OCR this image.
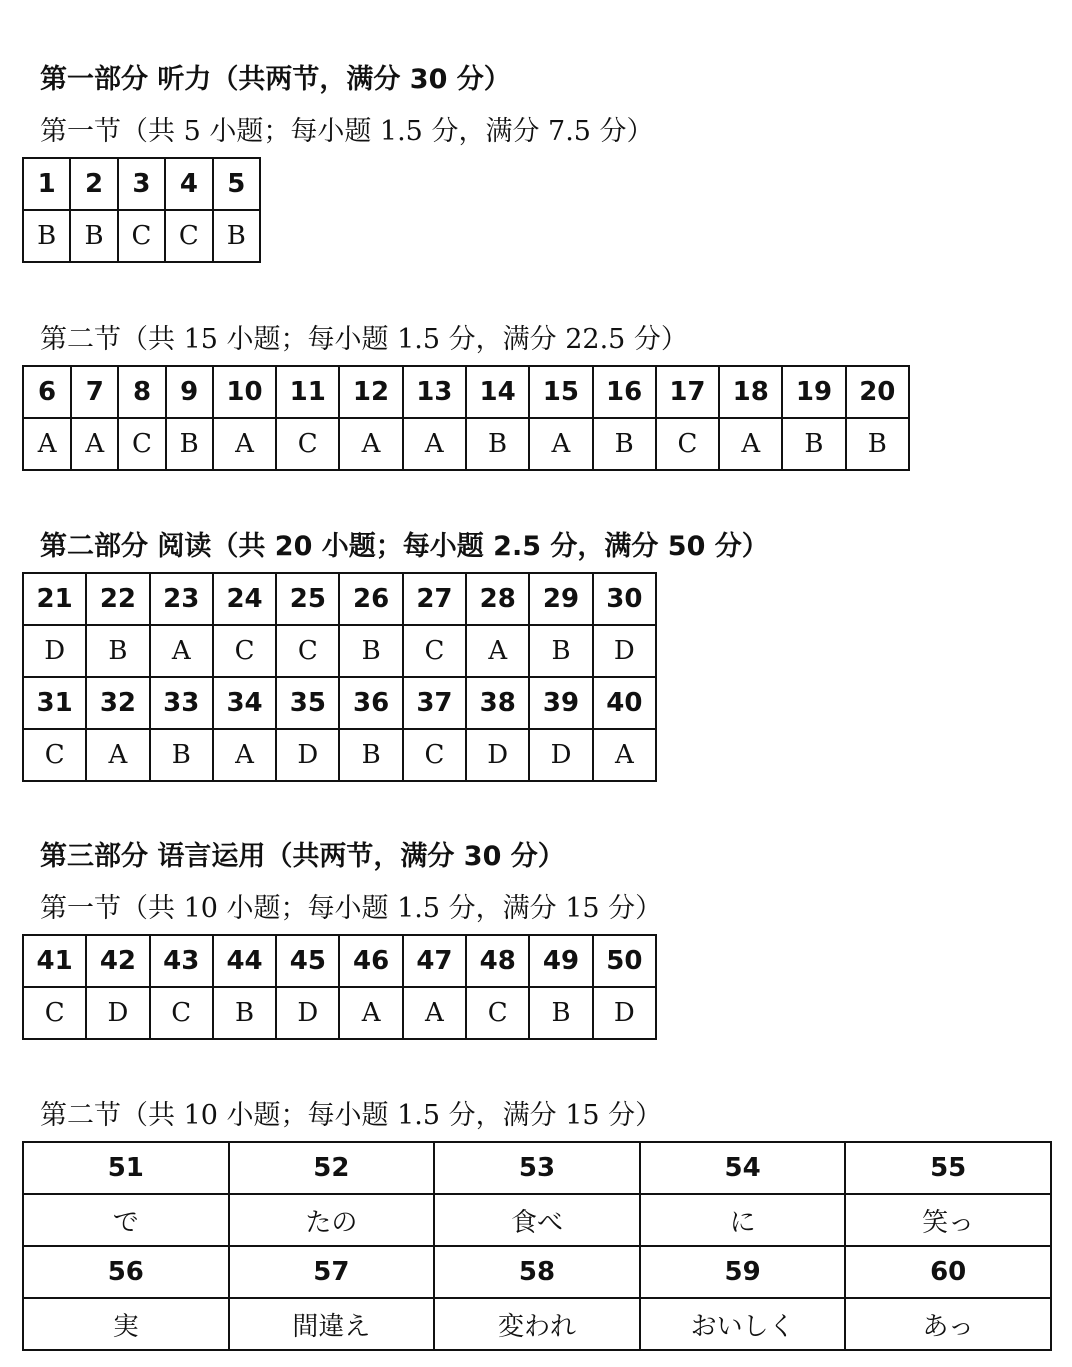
第一部分 听力（共两节，满分 30 分）
第一节（共 5 小题；每小题 1.5 分，满分 7.5 分）
1	2	3	4	5
B	B	C	C	B
第二节（共 15 小题；每小题 1.5 分，满分 22.5 分）
6	7	8	9	10	11	12	13	14	15	16	17	18	19	20
A	A	C	B	A	C	A	A	B	A	B	C	A	B	B
第二部分 阅读（共 20 小题；每小题 2.5 分，满分 50 分）
21	22	23	24	25	26	27	28	29	30
D	B	A	C	C	B	C	A	B	D
31	32	33	34	35	36	37	38	39	40
C	A	B	A	D	B	C	D	D	A
第三部分 语言运用（共两节，满分 30 分）
第一节（共 10 小题；每小题 1.5 分，满分 15 分）
41	42	43	44	45	46	47	48	49	50
C	D	C	B	D	A	A	C	B	D
第二节（共 10 小题；每小题 1.5 分，满分 15 分）
51	52	53	54	55
で	たの	食べ	に	笑っ
56	57	58	59	60
実	間違え	変われ	おいしく	あっ
